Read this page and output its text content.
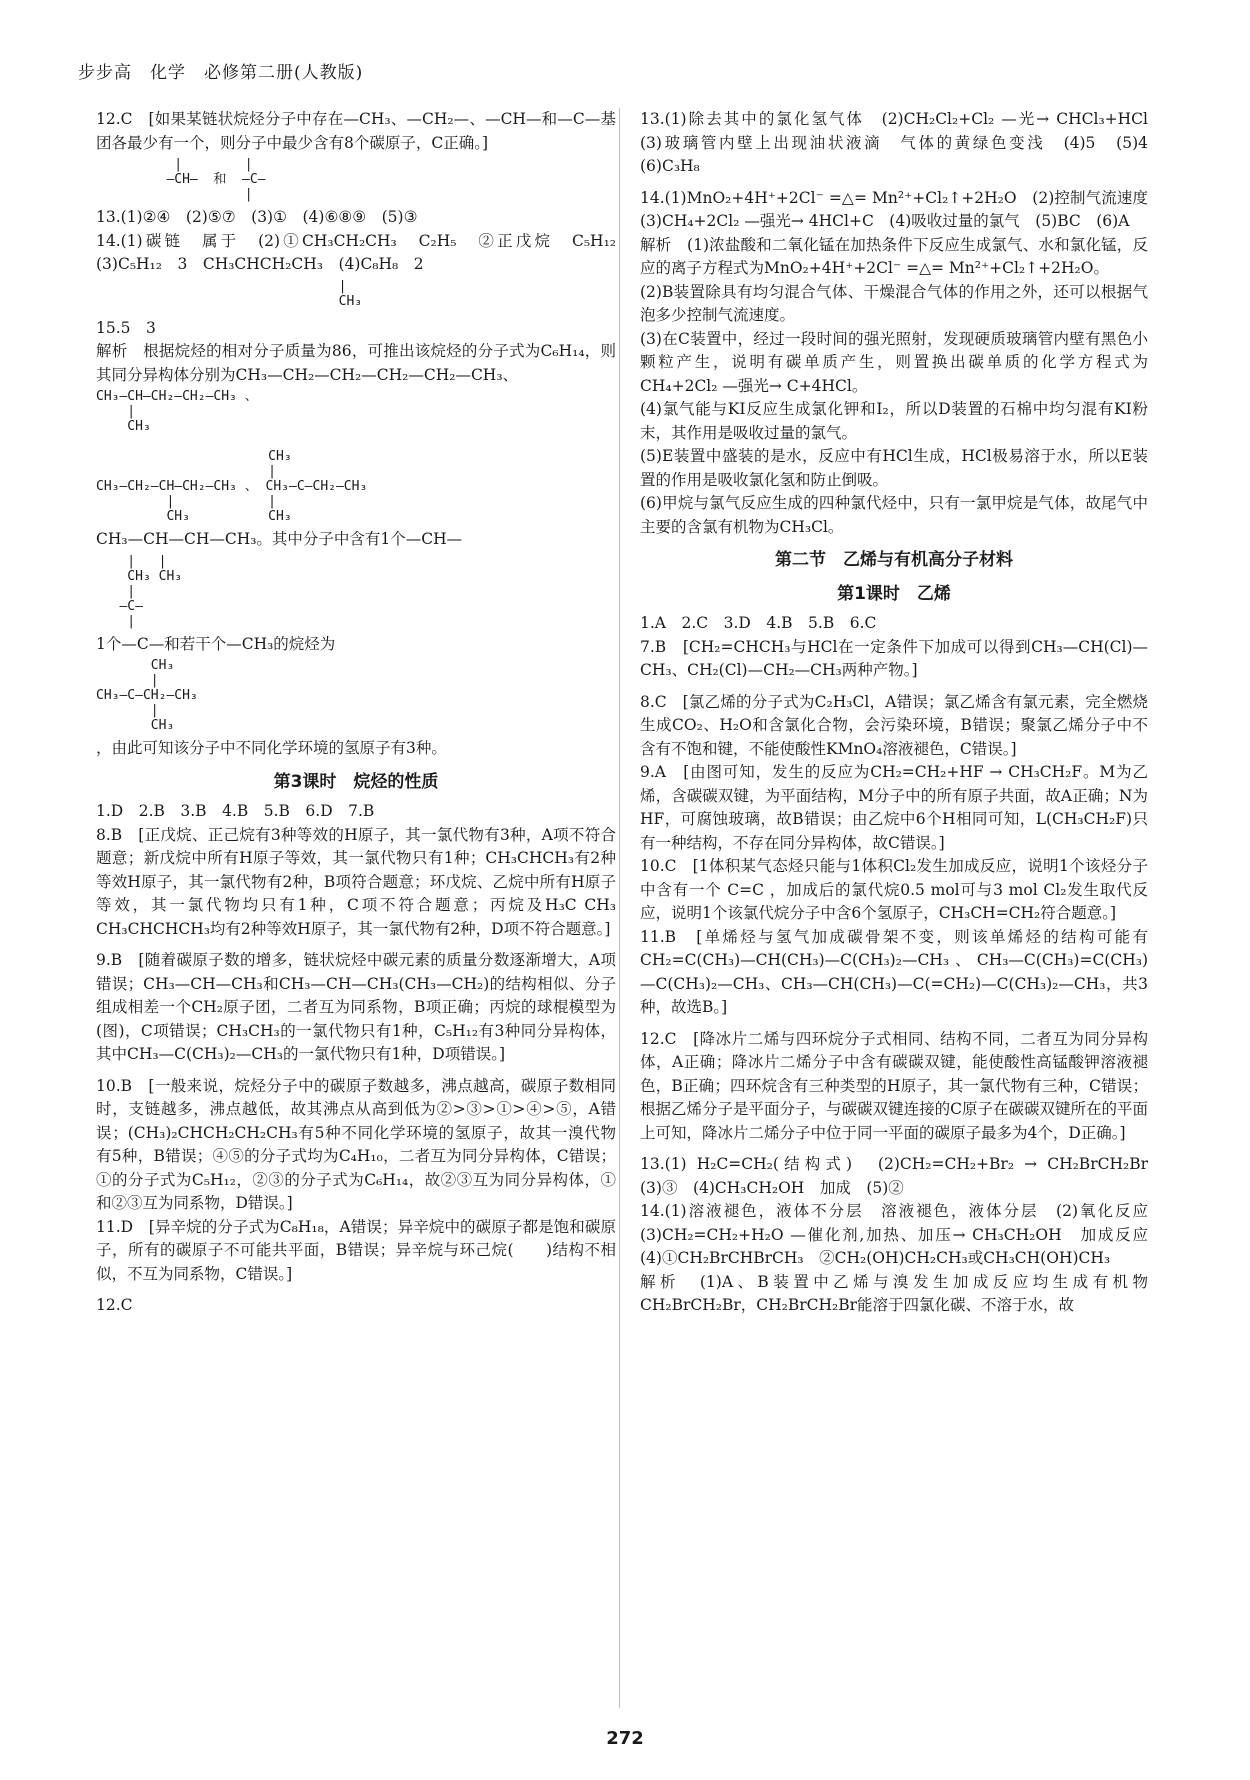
步步高　化学　必修第二册(人教版)

12.C　[如果某链状烷烃分子中存在—CH₃、—CH₂—、—CH—和—C—基团各最少有一个，则分子中最少含有8个碳原子，C正确。]

|        |
—CH—  和  —C—
|

13.(1)②④　(2)⑤⑦　(3)①　(4)⑥⑧⑨　(5)③

14.(1)碳链　属于　(2)①CH₃CH₂CH₃　C₂H₅　②正戊烷　C₅H₁₂　(3)C₅H₁₂　3　CH₃CHCH₂CH₃　(4)C₈H₈　2

|
CH₃

15.5　3

解析　根据烷烃的相对分子质量为86，可推出该烷烃的分子式为C₆H₁₄，则其同分异构体分别为CH₃—CH₂—CH₂—CH₂—CH₂—CH₃、

CH₃—CH—CH₂—CH₂—CH₃ 、
|
CH₃

CH₃
|
CH₃—CH₂—CH—CH₂—CH₃ 、 CH₃—C—CH₂—CH₃
|            |
CH₃          CH₃

CH₃—CH—CH—CH₃。其中分子中含有1个—CH—

|   |
CH₃ CH₃
|
—C—
|

1个—C—和若干个—CH₃的烷烃为

CH₃
|
CH₃—C—CH₂—CH₃
|
CH₃

，由此可知该分子中不同化学环境的氢原子有3种。

第3课时　烷烃的性质

1.D　2.B　3.B　4.B　5.B　6.D　7.B

8.B　[正戊烷、正己烷有3种等效的H原子，其一氯代物有3种，A项不符合题意；新戊烷中所有H原子等效，其一氯代物只有1种；CH₃CHCH₃有2种等效H原子，其一氯代物有2种，B项符合题意；环戊烷、乙烷中所有H原子等效，其一氯代物均只有1种，C项不符合题意；丙烷及H₃C CH₃ CH₃CHCHCH₃均有2种等效H原子，其一氯代物有2种，D项不符合题意。]

9.B　[随着碳原子数的增多，链状烷烃中碳元素的质量分数逐渐增大，A项错误；CH₃—CH—CH₃和CH₃—CH—CH₃(CH₃—CH₂)的结构相似、分子组成相差一个CH₂原子团，二者互为同系物，B项正确；丙烷的球棍模型为(图)，C项错误；CH₃CH₃的一氯代物只有1种，C₅H₁₂有3种同分异构体，其中CH₃—C(CH₃)₂—CH₃的一氯代物只有1种，D项错误。]

10.B　[一般来说，烷烃分子中的碳原子数越多，沸点越高，碳原子数相同时，支链越多，沸点越低，故其沸点从高到低为②>③>①>④>⑤，A错误；(CH₃)₂CHCH₂CH₂CH₃有5种不同化学环境的氢原子，故其一溴代物有5种，B错误；④⑤的分子式均为C₄H₁₀，二者互为同分异构体，C错误；①的分子式为C₅H₁₂，②③的分子式为C₆H₁₄，故②③互为同分异构体，①和②③互为同系物，D错误。]

11.D　[异辛烷的分子式为C₈H₁₈，A错误；异辛烷中的碳原子都是饱和碳原子，所有的碳原子不可能共平面，B错误；异辛烷与环己烷(　　)结构不相似，不互为同系物，C错误。]

12.C

13.(1)除去其中的氯化氢气体　(2)CH₂Cl₂+Cl₂ —光→ CHCl₃+HCl　(3)玻璃管内壁上出现油状液滴　气体的黄绿色变浅　(4)5　(5)4　(6)C₃H₈

14.(1)MnO₂+4H⁺+2Cl⁻ =△= Mn²⁺+Cl₂↑+2H₂O　(2)控制气流速度　(3)CH₄+2Cl₂ —强光→ 4HCl+C　(4)吸收过量的氯气　(5)BC　(6)A

解析　(1)浓盐酸和二氧化锰在加热条件下反应生成氯气、水和氯化锰，反应的离子方程式为MnO₂+4H⁺+2Cl⁻ =△= Mn²⁺+Cl₂↑+2H₂O。

(2)B装置除具有均匀混合气体、干燥混合气体的作用之外，还可以根据气泡多少控制气流速度。

(3)在C装置中，经过一段时间的强光照射，发现硬质玻璃管内壁有黑色小颗粒产生，说明有碳单质产生，则置换出碳单质的化学方程式为CH₄+2Cl₂ —强光→ C+4HCl。

(4)氯气能与KI反应生成氯化钾和I₂，所以D装置的石棉中均匀混有KI粉末，其作用是吸收过量的氯气。

(5)E装置中盛装的是水，反应中有HCl生成，HCl极易溶于水，所以E装置的作用是吸收氯化氢和防止倒吸。

(6)甲烷与氯气反应生成的四种氯代烃中，只有一氯甲烷是气体，故尾气中主要的含氯有机物为CH₃Cl。

第二节　乙烯与有机高分子材料
第1课时　乙烯

1.A　2.C　3.D　4.B　5.B　6.C

7.B　[CH₂=CHCH₃与HCl在一定条件下加成可以得到CH₃—CH(Cl)—CH₃、CH₂(Cl)—CH₂—CH₃两种产物。]

8.C　[氯乙烯的分子式为C₂H₃Cl，A错误；氯乙烯含有氯元素，完全燃烧生成CO₂、H₂O和含氯化合物，会污染环境，B错误；聚氯乙烯分子中不含有不饱和键，不能使酸性KMnO₄溶液褪色，C错误。]

9.A　[由图可知，发生的反应为CH₂=CH₂+HF → CH₃CH₂F。M为乙烯，含碳碳双键，为平面结构，M分子中的所有原子共面，故A正确；N为HF，可腐蚀玻璃，故B错误；由乙烷中6个H相同可知，L(CH₃CH₂F)只有一种结构，不存在同分异构体，故C错误。]

10.C　[1体积某气态烃只能与1体积Cl₂发生加成反应，说明1个该烃分子中含有一个 C=C ，加成后的氯代烷0.5 mol可与3 mol Cl₂发生取代反应，说明1个该氯代烷分子中含6个氢原子，CH₃CH=CH₂符合题意。]

11.B　[单烯烃与氢气加成碳骨架不变，则该单烯烃的结构可能有CH₂=C(CH₃)—CH(CH₃)—C(CH₃)₂—CH₃、CH₃—C(CH₃)=C(CH₃)—C(CH₃)₂—CH₃、CH₃—CH(CH₃)—C(=CH₂)—C(CH₃)₂—CH₃，共3种，故选B。]

12.C　[降冰片二烯与四环烷分子式相同、结构不同，二者互为同分异构体，A正确；降冰片二烯分子中含有碳碳双键，能使酸性高锰酸钾溶液褪色，B正确；四环烷含有三种类型的H原子，其一氯代物有三种，C错误；根据乙烯分子是平面分子，与碳碳双键连接的C原子在碳碳双键所在的平面上可知，降冰片二烯分子中位于同一平面的碳原子最多为4个，D正确。]

13.(1) H₂C=CH₂(结构式)　(2)CH₂=CH₂+Br₂ → CH₂BrCH₂Br　(3)③　(4)CH₃CH₂OH　加成　(5)②

14.(1)溶液褪色，液体不分层　溶液褪色，液体分层　(2)氧化反应　(3)CH₂=CH₂+H₂O —催化剂,加热、加压→ CH₃CH₂OH　加成反应　(4)①CH₂BrCHBrCH₃　②CH₂(OH)CH₂CH₃或CH₃CH(OH)CH₃

解析　(1)A、B装置中乙烯与溴发生加成反应均生成有机物CH₂BrCH₂Br，CH₂BrCH₂Br能溶于四氯化碳、不溶于水，故

272
